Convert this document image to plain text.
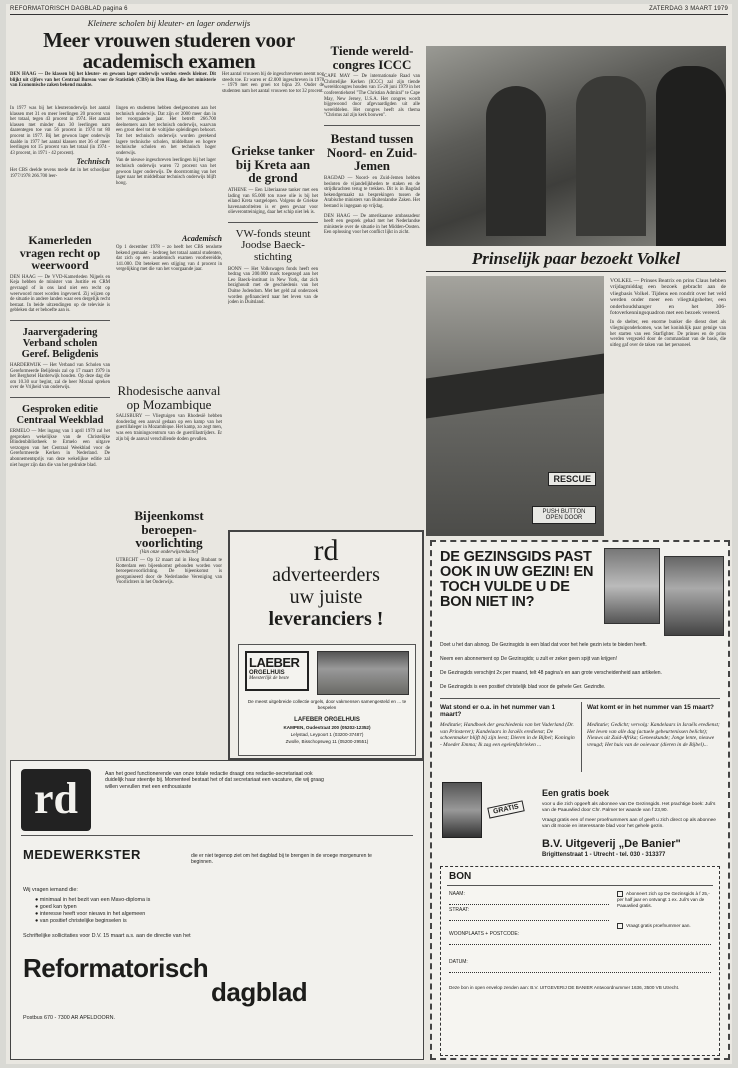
REFORMATORISCH DAGBLAD pagina 6	ZATERDAG 3 MAART 1979
Kleinere scholen bij kleuter- en lager onderwijs
Meer vrouwen studeren voor academisch examen
DEN HAAG — De klassen bij het kleuter- en gewoon lager onderwijs worden steeds kleiner. Dit blijkt uit cijfers van het Centraal Bureau voor de Statistiek (CBS) in Den Haag, die het ministerie van Economische zaken bekend maakte.

In 1977 was bij het kleuteronderwijs het aantal klassen met 31 en meer leerlingen 20 procent van het totaal, tegen 43 procent in 1974. Het aantal klassen met minder dan 30 leerlingen nam daarentegen toe van 56 procent in 1974 tot 80 procent in 1977. Bij het gewoon lager onderwijs daalde in 1977 het aantal klassen met 36 of meer leerlingen tot 15 procent van het totaal (in 1974 - 43 procent, in 1971 - 42 procent).

Technisch

Het CBS deelde tevens mede dat in het schooljaar 1977/1978 266.700 leer-

lingen en studenten hebben deelgenomen aan het technisch onderwijs. Dat zijn er 2000 meer dan in het voorgaande jaar. Het betreft 266.700 deelnemers aan het technisch onderwijs, waarvan een groot deel tot de voltijdse opleidingen behoort. Tot het technisch onderwijs worden gerekend lagere technische scholen, middelbare en hogere technische scholen en het technisch hoger onderwijs.

Van de nieuwe ingeschreven leerlingen bij het lager technisch onderwijs waren 72 procent van het gewoon lager onderwijs. De doorstroming van het lager naar het middelbaar technisch onderwijs blijft hoog.

Het aantal vrouwen bij de ingeschrevenen neemt nog steeds toe. Er waren er 42.000 ingeschreven in 1978 – 1979 met een groei tot bijna 29. Onder de studenten nam het aantal vrouwen toe tot 32 procent.

Kamerleden vragen recht op weerwoord
DEN HAAG — De VVD-Kamerleden Nijpels en Keja hebben de minister van Justitie en CRM gevraagd of in ons land niet een recht op weerwoord moet worden ingevoerd. Zij wijzen op de situatie in andere landen waar een dergelijk recht bestaat. In beide uitzendingen op de televisie is gebleken dat er behoefte aan is.
Jaarvergadering Verband scholen Geref. Beligdenis
HARDERWIJK — Het Verband van Scholen van Gereformeerde Belijdenis zal op 17 maart 1979 in het Berghotel Harderwijk houden. Op deze dag die om 10.30 uur begint, zal de heer Moraal spreken over de Vrijheid van onderwijs.
Gesproken editie Centraal Weekblad
ERMELO — Met ingang van 1 april 1979 zal het gesproken wekelijkse van de Christelijke Blindenbibliotheek te Ermelo een uitgave verzorgen van het Centraal Weekblad voor de Gereformeerde Kerken in Nederland. De abonnementsprijs van deze wekelijkse editie zal niet hoger zijn dan die van het gedrukte blad.

Academisch

Op 1 december 1978 – zo heeft het CBS tenslotte bekend gemaakt – bedroeg het totaal aantal studenten, dat zich op een academisch examen voorbereidde, 141.000. Dit betekent een stijging van 4 procent in vergelijking met die van het voorgaande jaar.

Rhodesische aanval op Mozambique
SALISBURY — Vliegtuigen van Rhodesië hebben donderdag een aanval gedaan op een kamp van het guerrillaleger in Mozambique. Het kamp, zo zegt men, was een trainingscentrum van de guerrillastrijders. Er zijn bij de aanval verschillende doden gevallen.
Bijeenkomst beroepen-voorlichting
(Van onze onderwijsredactie)
UTRECHT — Op 12 maart zal in Hoog Brabant te Rotterdam een bijeenkomst gehouden worden voor beroepenvoorlichting. De bijeenkomst is georganiseerd door de Nederlandse Vereniging van Voorlichters in het Onderwijs.
Griekse tanker bij Kreta aan de grond
ATHENE — Een Liberiaanse tanker met een lading van 85.000 ton ruwe olie is bij het eiland Kreta vastgelopen. Volgens de Griekse havenautoriteiten is er geen gevaar voor olieverontreiniging, daar het schip niet lek is.
VW-fonds steunt Joodse Baeck-stichting
BONN — Het Volkswagen fonds heeft een bedrag van 200.000 mark toegezegd aan het Leo Baeck-instituut in New York, dat zich bezighoudt met de geschiedenis van het Duitse Jodendom. Met het geld zal onderzoek worden gefinancierd naar het leven van de joden in Duitsland.
Tiende wereld-congres ICCC
CAPE MAY — De internationale Raad van Christelijke Kerken (ICCC) zal zijn tiende wereldcongres houden van 15-28 juni 1979 in het conferentiehotel "The Christian Admiral" te Cape May, New Jersey, U.S.A. Het congres wordt bijgewoond door afgevaardigden uit alle werelddelen. Het congres heeft als thema "Christus zal zijn kerk bouwen".
Bestand tussen Noord- en Zuid-Jemen
BAGDAD — Noord- en Zuid-Jemen hebben besloten de vijandelijkheden te staken en de strijdkrachten terug te trekken. Dit is in Bagdad bekendgemaakt na besprekingen tussen de Arabische ministers van Buitenlandse Zaken. Het bestand is ingegaan op vrijdag.
DEN HAAG — De amerikaanse ambassadeur heeft een gesprek gehad met het Nederlandse ministerie over de situatie in het Midden-Oosten. Een oplossing voor het conflict lijkt in zicht.
Prinselijk paar bezoekt Volkel
RESCUE
PUSH BUTTON OPEN DOOR
VOLKEL — Prinses Beatrix en prins Claus hebben vrijdagmiddag een bezoek gebracht aan de vliegbasis Volkel. Tijdens een rondrit over het veld werden onder meer een vliegtuigshelter, een onderhoudshanger en het 306-fotoverkenningsquadron met een bezoek vereerd.
In de shelter, een enorme bunker die dienst doet als vliegtuigonderkomen, was het koninklijk paar getuige van het starten van een Starfighter. De prinses en de prins werden vergezeld door de commandant van de basis, die uitleg gaf over de taken van het personeel.
rd
adverteerders
uw juiste
leveranciers !
LAEBER
ORGELHUIS
Meesterlijk de beste
De meest uitgebreide collectie orgels, door vakmensen samengesteld en ... te bespelen
LAFEBER ORGELHUIS
KAMPEN, Oudestraat 200 (05202-12352)
Lelystad, Leypoort 1 (03200-37487)
Zwolle, Bisschopsweg 11 (05200-29551)
rd	Aan het goed functionerende van onze totale redactie draagt ons redactie-secretariaat ook duidelijk haar steentje bij. Momenteel bestaat het of dat secretariaat een vacature, die wij graag willen vervullen met een enthousiaste
MEDEWERKSTER	die er niet tegenop ziet om het dagblad bij te brengen in de vroege morgenuren te beginnen.
Wij vragen iemand die:
● minimaal in het bezit van een Mavo-diploma is
● goed kan typen
● interesse heeft voor nieuws in het algemeen
● van positief christelijke beginselen is
Schriftelijke sollicitaties voor D.V. 15 maart a.s. aan de directie van het
Reformatorisch
dagblad
Postbus 670 - 7300 AR APELDOORN.
DE GEZINSGIDS PAST OOK IN UW GEZIN! EN TOCH VULDE U DE BON NIET IN?
Doet u het dan alsnog. De Gezinsgids is een blad dat voor het hele gezin iets te bieden heeft.
Neem een abonnement op De Gezinsgids; u zult er zeker geen spijt van krijgen!
De Gezinsgids verschijnt 2x per maand, telt 48 pagina's en aan grote verscheidenheid aan artikelen.
De Gezinsgids is een positief christelijk blad voor de gehele Ger. Gezindte.
Wat stond er o.a. in het nummer van 1 maart?
Meditatie; Handboek der geschiedenis van het Vaderland (Dr. van Prinsterer); Kandelaars in Israëls eredienst; De schoenmaker blijft bij zijn leest; Dieren in de Bijbel; Koningin - Moeder Emma; Ik zag een egelenfabrieken ...
Wat komt er in het nummer van 15 maart?
Meditatie; Gedicht; vervolg: Kandelaars in Israëls eredienst; Het leven van alle dag (actuele gebeurtenissen belicht); Nieuws uit Zuid-Afrika; Geneeskunde; Jonge lente, nieuwe vreugd; Het huis van de ooievaar (dieren in de Bijbel)...
GRATIS
Een gratis boek
voor u die zich opgeeft als abonnee van De Gezinsgids. Het prachtige boek: Juli's van de Paauwlied door Chr. Palmer ter waarde van f 23,90.
Vraagt gratis een of meer proefnummers aan of geeft u zich direct op als abonnee van dit mooie en interessante blad voor het gehele gezin.
B.V. Uitgeverij „De Banier"
Brigittenstraat 1 - Utrecht - tel. 030 - 313377
BON
NAAM:
STRAAT:
WOONPLAATS + POSTCODE:
DATUM:
Abonneert zich op De Gezinsgids à f 25,- per half jaar en ontvangt 1 ex. Juli's van de Paauwlied gratis.
Vraagt gratis proefnummer aan.
Deze bon in open envelop zenden aan: B.V. UITGEVERIJ DE BANIER Antwoordnummer 1636, 3500 VB Utrecht.
